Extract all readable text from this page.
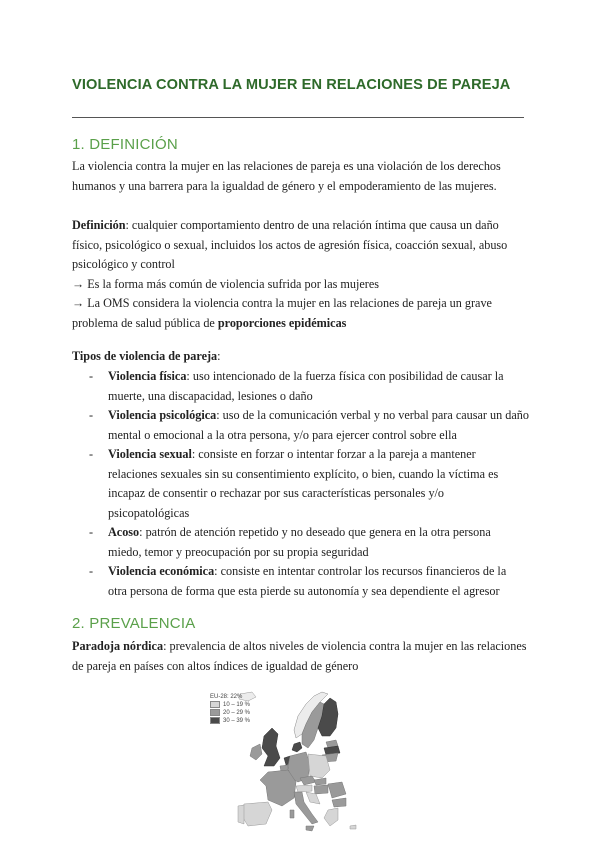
VIOLENCIA CONTRA LA MUJER EN RELACIONES DE PAREJA
1. DEFINICIÓN
La violencia contra la mujer en las relaciones de pareja es una violación de los derechos
humanos y una barrera para la igualdad de género y el empoderamiento de las mujeres.
Definición: cualquier comportamiento dentro de una relación íntima que causa un daño
físico, psicológico o sexual, incluidos los actos de agresión física, coacción sexual, abuso
psicológico y control
→ Es la forma más común de violencia sufrida por las mujeres
→ La OMS considera la violencia contra la mujer en las relaciones de pareja un grave
problema de salud pública de proporciones epidémicas
Tipos de violencia de pareja:
- Violencia física: uso intencionado de la fuerza física con posibilidad de causar la
muerte, una discapacidad, lesiones o daño
- Violencia psicológica: uso de la comunicación verbal y no verbal para causar un daño
mental o emocional a la otra persona, y/o para ejercer control sobre ella
- Violencia sexual: consiste en forzar o intentar forzar a la pareja a mantener
relaciones sexuales sin su consentimiento explícito, o bien, cuando la víctima es
incapaz de consentir o rechazar por sus características personales y/o
psicopatológicas
- Acoso: patrón de atención repetido y no deseado que genera en la otra persona
miedo, temor y preocupación por su propia seguridad
- Violencia económica: consiste en intentar controlar los recursos financieros de la
otra persona de forma que esta pierde su autonomía y sea dependiente el agresor
2. PREVALENCIA
Paradoja nórdica: prevalencia de altos niveles de violencia contra la mujer en las relaciones
de pareja en países con altos índices de igualdad de género
EU-28: 22%
10 – 19 %
20 – 29 %
30 – 39 %
